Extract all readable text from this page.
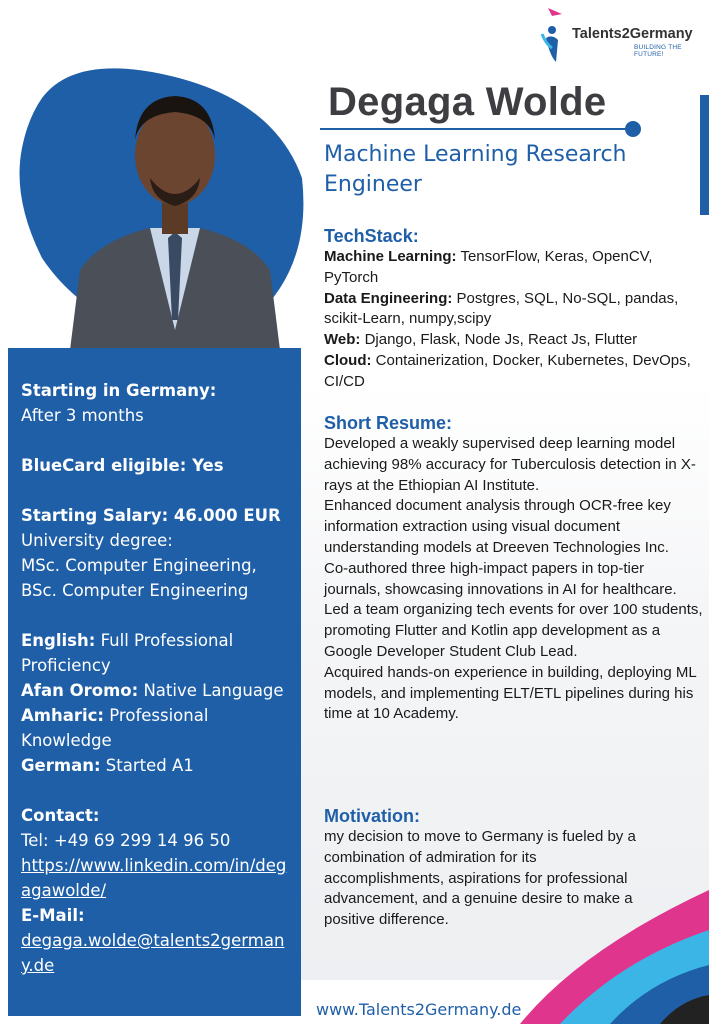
Talents2Germany
BUILDING THE FUTURE!
Starting in Germany:
After 3 months
BlueCard eligible: Yes
Starting Salary: 46.000 EUR
University degree:
MSc. Computer Engineering,
BSc. Computer Engineering
English: Full Professional Proficiency
Afan Oromo: Native Language
Amharic: Professional Knowledge
German: Started A1
Contact:
Tel: +49 69 299 14 96 50
https://www.linkedin.com/in/degagawolde/
E-Mail:
degaga.wolde@talents2germany.de
Degaga Wolde
Machine Learning Research Engineer
TechStack:
Machine Learning: TensorFlow, Keras, OpenCV, PyTorch
Data Engineering: Postgres, SQL, No-SQL, pandas, scikit-Learn, numpy,scipy
Web: Django, Flask, Node Js, React Js, Flutter
Cloud: Containerization, Docker, Kubernetes, DevOps, CI/CD
Short Resume:
Developed a weakly supervised deep learning model achieving 98% accuracy for Tuberculosis detection in X-rays at the Ethiopian AI Institute.
Enhanced document analysis through OCR-free key information extraction using visual document understanding models at Dreeven Technologies Inc.
Co-authored three high-impact papers in top-tier journals, showcasing innovations in AI for healthcare.
Led a team organizing tech events for over 100 students, promoting Flutter and Kotlin app development as a Google Developer Student Club Lead.
Acquired hands-on experience in building, deploying ML models, and implementing ELT/ETL pipelines during his time at 10 Academy.
Motivation:
my decision to move to Germany is fueled by a combination of admiration for its accomplishments, aspirations for professional advancement, and a genuine desire to make a positive difference.
www.Talents2Germany.de
